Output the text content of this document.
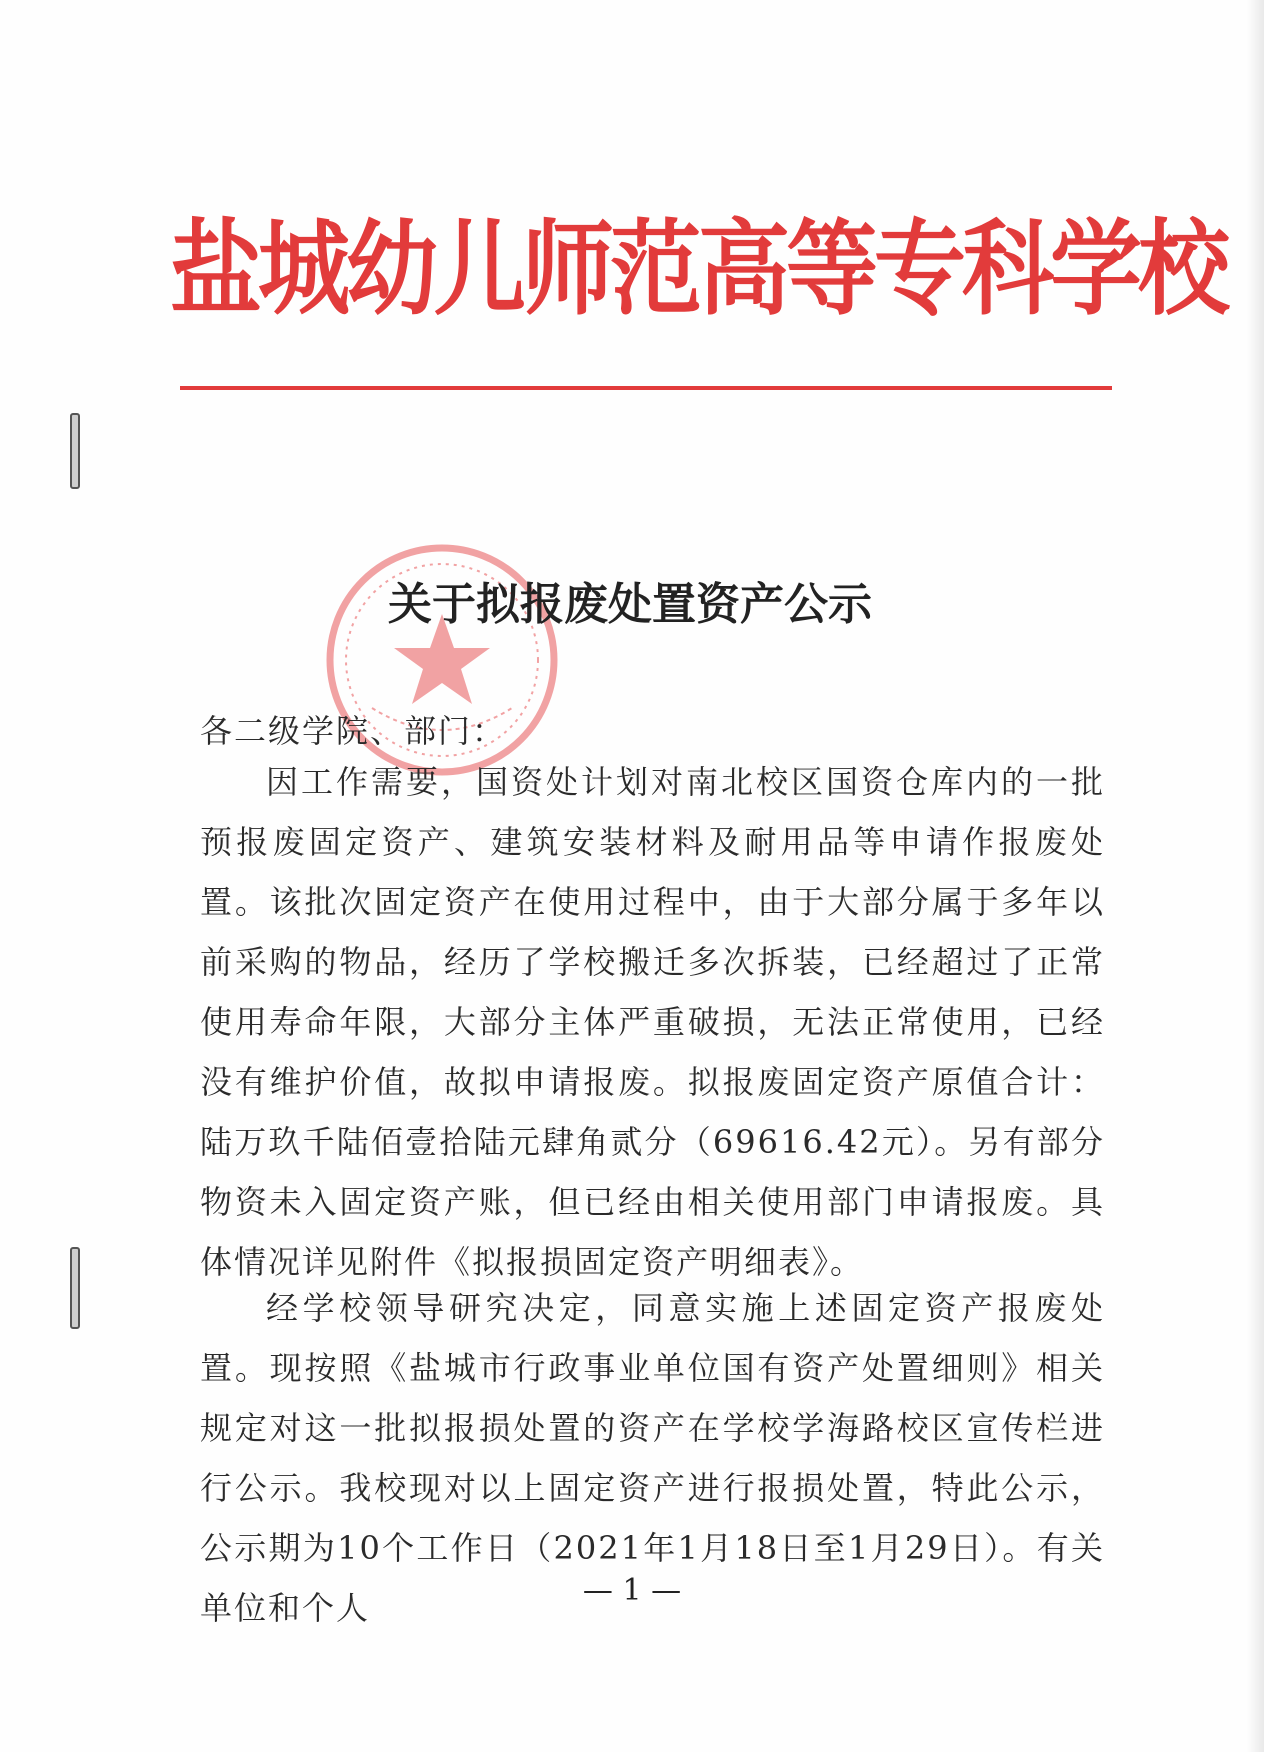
盐城幼儿师范高等专科学校
关于拟报废处置资产公示
各二级学院、部门：
因工作需要，国资处计划对南北校区国资仓库内的一批预报废固定资产、建筑安装材料及耐用品等申请作报废处置。该批次固定资产在使用过程中，由于大部分属于多年以前采购的物品，经历了学校搬迁多次拆装，已经超过了正常使用寿命年限，大部分主体严重破损，无法正常使用，已经没有维护价值，故拟申请报废。拟报废固定资产原值合计：陆万玖千陆佰壹拾陆元肆角贰分（69616.42元）。另有部分物资未入固定资产账，但已经由相关使用部门申请报废。具体情况详见附件《拟报损固定资产明细表》。
经学校领导研究决定，同意实施上述固定资产报废处置。现按照《盐城市行政事业单位国有资产处置细则》相关规定对这一批拟报损处置的资产在学校学海路校区宣传栏进行公示。我校现对以上固定资产进行报损处置，特此公示，公示期为10个工作日（2021年1月18日至1月29日）。有关单位和个人	— 1 —
